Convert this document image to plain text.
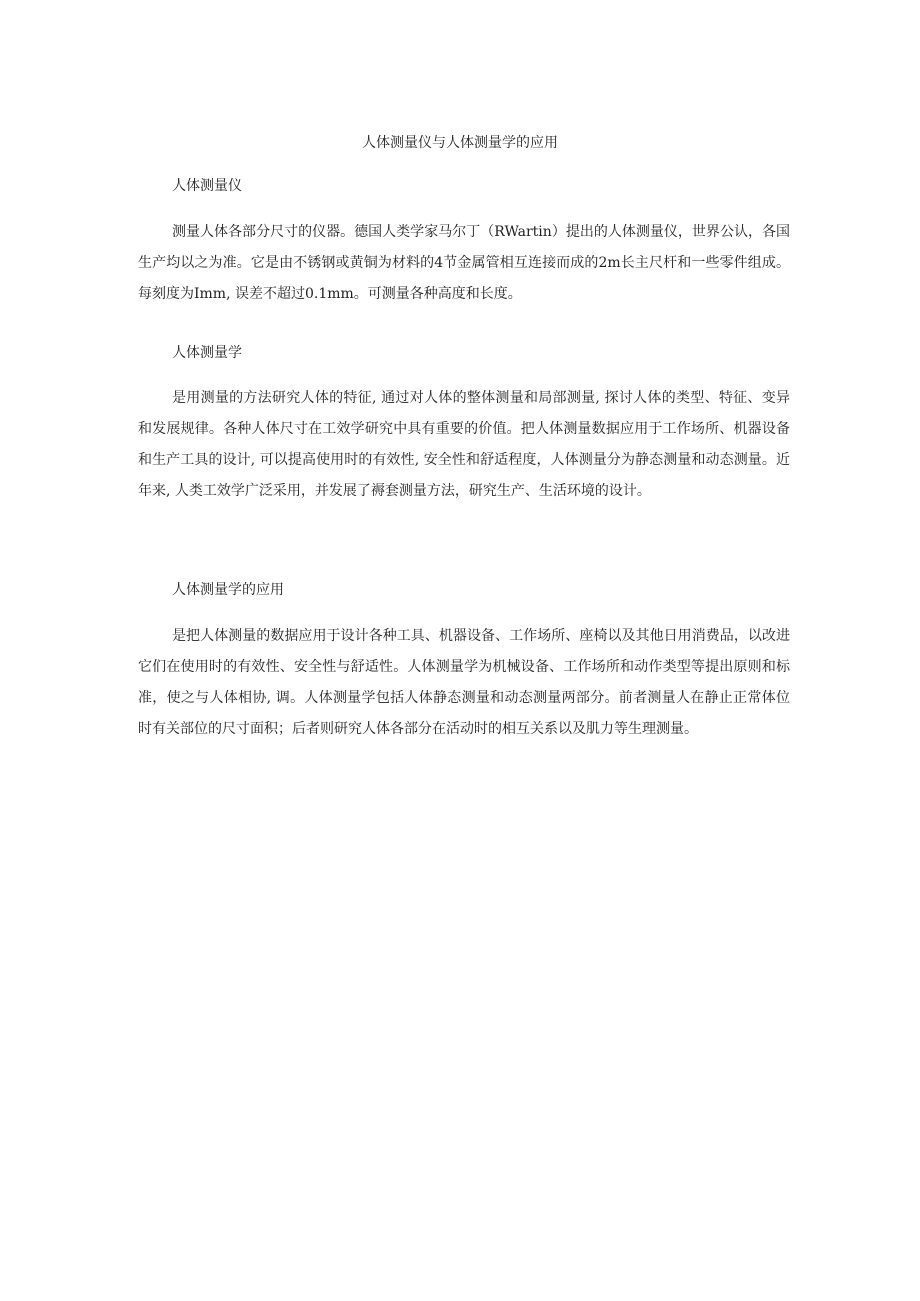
人体测量仪与人体测量学的应用
人体测量仪

测量人体各部分尺寸的仪器。德国人类学家马尔丁（RWartin）提出的人体测量仪，世界公认，各国生产均以之为准。它是由不锈钢或黄铜为材料的4节金属管相互连接而成的2m长主尺杆和一些零件组成。每刻度为Imm, 误差不超过0.1mm。可测量各种高度和长度。

人体测量学

是用测量的方法研究人体的特征, 通过对人体的整体测量和局部测量, 探讨人体的类型、特征、变异和发展规律。各种人体尺寸在工效学研究中具有重要的价值。把人体测量数据应用于工作场所、机器设备和生产工具的设计, 可以提高使用时的有效性, 安全性和舒适程度，人体测量分为静态测量和动态测量。近年来, 人类工效学广泛采用，并发展了褥套测量方法，研究生产、生活环境的设计。

人体测量学的应用

是把人体测量的数据应用于设计各种工具、机器设备、工作场所、座椅以及其他日用消费品，以改进它们在使用时的有效性、安全性与舒适性。人体测量学为机械设备、工作场所和动作类型等提出原则和标准，使之与人体相协, 调。人体测量学包括人体静态测量和动态测量两部分。前者测量人在静止正常体位时有关部位的尺寸面积；后者则研究人体各部分在活动时的相互关系以及肌力等生理测量。
